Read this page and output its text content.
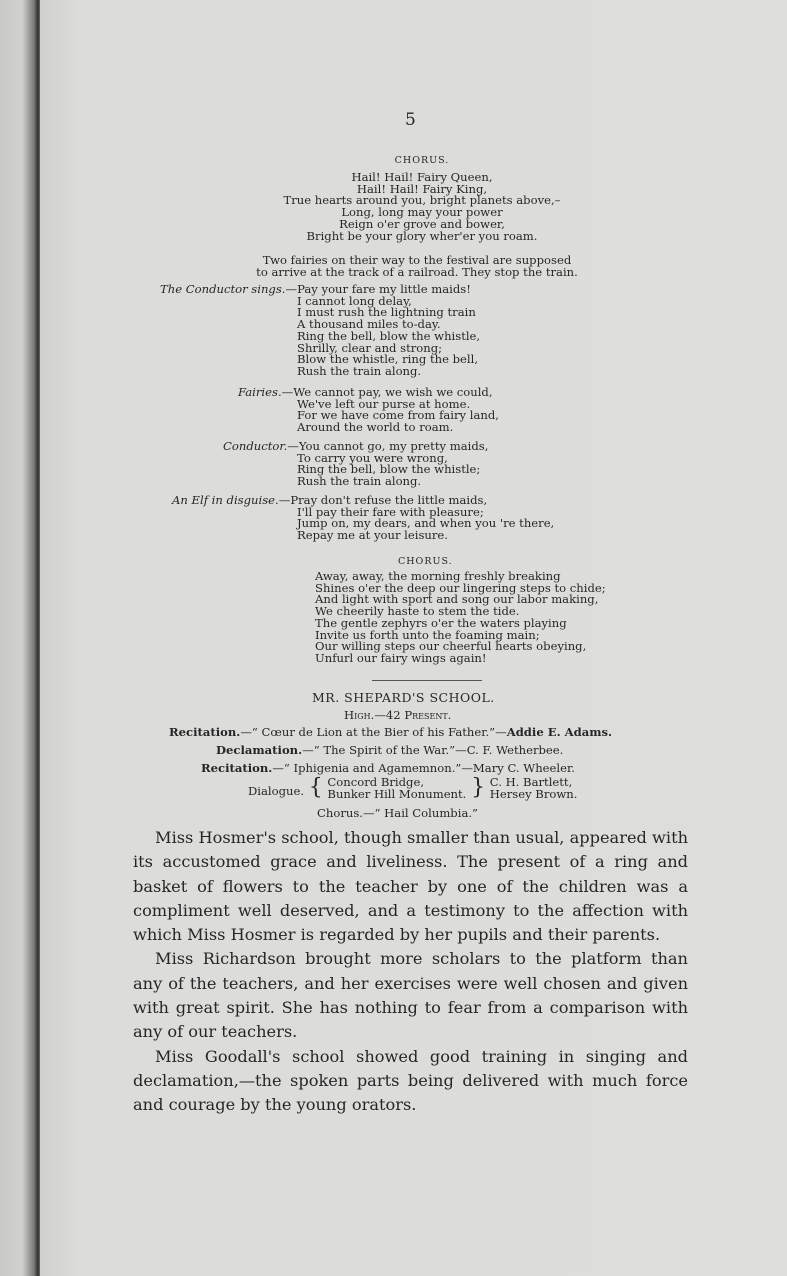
5
CHORUS.
Hail! Hail! Fairy Queen,
Hail! Hail! Fairy King,
True hearts around you, bright planets above,–
Long, long may your power
Reign o'er grove and bower,
Bright be your glory wher'er you roam.
Two fairies on their way to the festival are supposed
to arrive at the track of a railroad. They stop the train.
The Conductor sings.—Pay your fare my little maids!
I cannot long delay,
I must rush the lightning train
A thousand miles to-day.
Ring the bell, blow the whistle,
Shrilly, clear and strong;
Blow the whistle, ring the bell,
Rush the train along.
Fairies.—We cannot pay, we wish we could,
We've left our purse at home.
For we have come from fairy land,
Around the world to roam.
Conductor.—You cannot go, my pretty maids,
To carry you were wrong,
Ring the bell, blow the whistle;
Rush the train along.
An Elf in disguise.—Pray don't refuse the little maids,
I'll pay their fare with pleasure;
Jump on, my dears, and when you 're there,
Repay me at your leisure.
CHORUS.
Away, away, the morning freshly breaking
Shines o'er the deep our lingering steps to chide;
And light with sport and song our labor making,
We cheerily haste to stem the tide.
The gentle zephyrs o'er the waters playing
Invite us forth unto the foaming main;
Our willing steps our cheerful hearts obeying,
Unfurl our fairy wings again!
MR. SHEPARD'S SCHOOL.
High.—42 Present.
Recitation.—“ Cœur de Lion at the Bier of his Father.”—Addie E. Adams.
Declamation.—“ The Spirit of the War.”—C. F. Wetherbee.
Recitation.—“ Iphigenia and Agamemnon.”—Mary C. Wheeler.
Dialogue. { Concord Bridge,
Bunker Hill Monument. } C. H. Bartlett,
Hersey Brown.
Chorus.—“ Hail Columbia.”

Miss Hosmer's school, though smaller than usual, appeared with its accustomed grace and liveliness. The present of a ring and basket of flowers to the teacher by one of the children was a compliment well deserved, and a testimony to the affection with which Miss Hosmer is regarded by her pupils and their parents.

Miss Richardson brought more scholars to the platform than any of the teachers, and her exercises were well chosen and given with great spirit. She has nothing to fear from a comparison with any of our teachers.

Miss Goodall's school showed good training in singing and declamation,—the spoken parts being delivered with much force and courage by the young orators.
